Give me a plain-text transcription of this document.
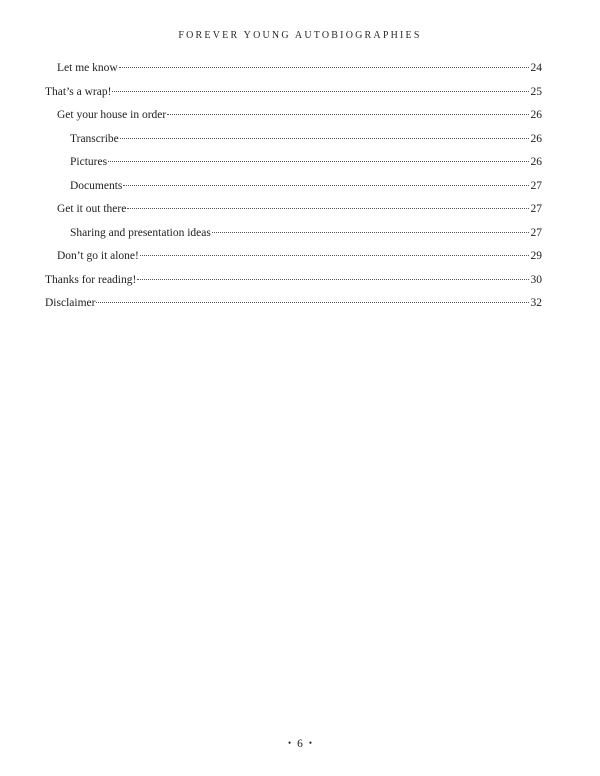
FOREVER YOUNG AUTOBIOGRAPHIES
Let me know	24
That’s a wrap!	25
Get your house in order	26
Transcribe	26
Pictures	26
Documents	27
Get it out there	27
Sharing and presentation ideas	27
Don’t go it alone!	29
Thanks for reading!	30
Disclaimer	32
• 6 •
